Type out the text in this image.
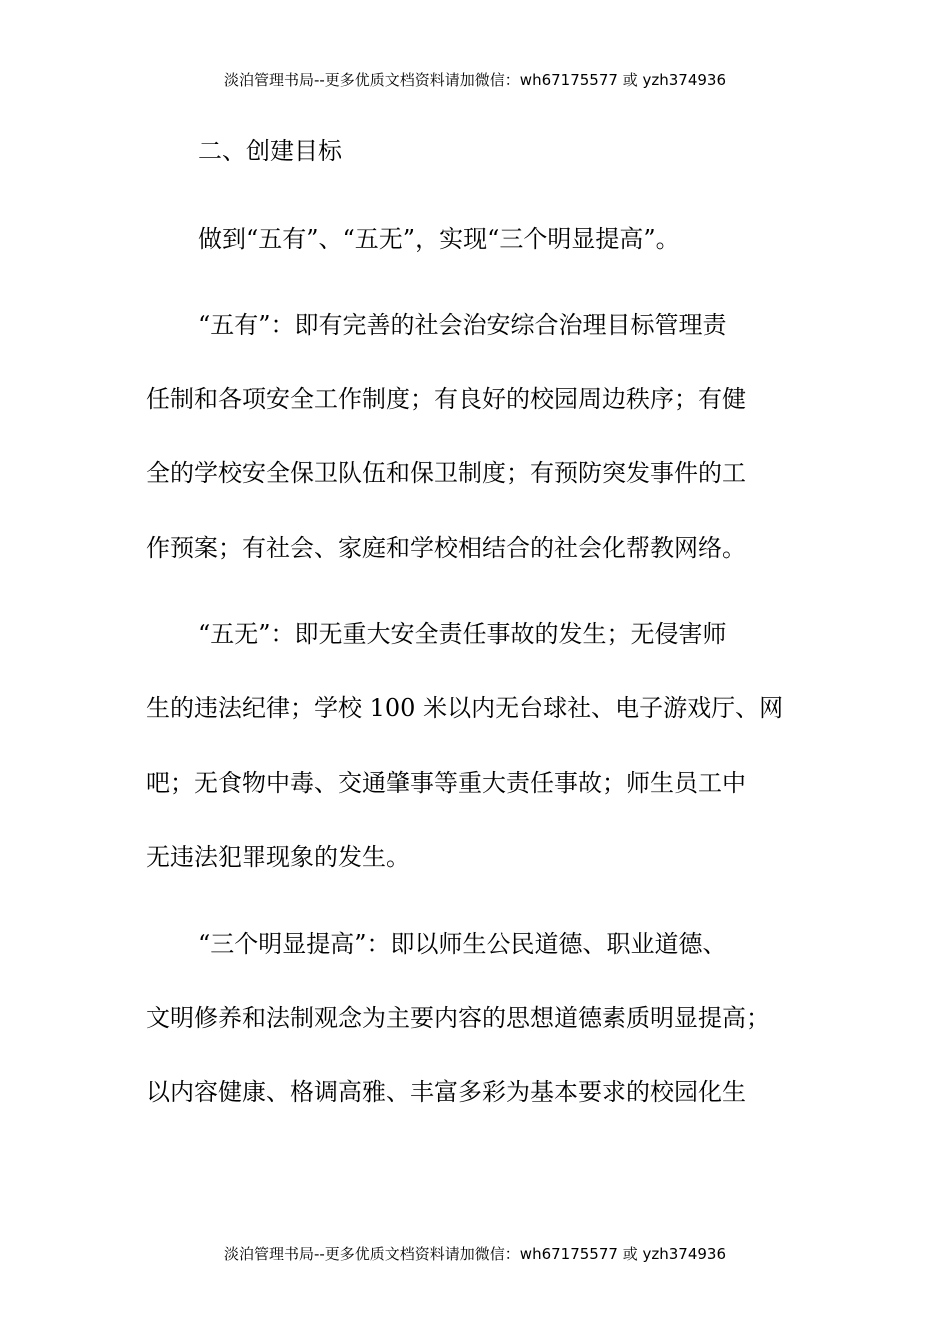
淡泊管理书局--更多优质文档资料请加微信：wh67175577 或 yzh374936
二、创建目标
做到“五有”、“五无”，实现“三个明显提高”。
“五有”：即有完善的社会治安综合治理目标管理责
任制和各项安全工作制度；有良好的校园周边秩序；有健
全的学校安全保卫队伍和保卫制度；有预防突发事件的工
作预案；有社会、家庭和学校相结合的社会化帮教网络。
“五无”：即无重大安全责任事故的发生；无侵害师
生的违法纪律；学校 100 米以内无台球社、电子游戏厅、网
吧；无食物中毒、交通肇事等重大责任事故；师生员工中
无违法犯罪现象的发生。
“三个明显提高”：即以师生公民道德、职业道德、
文明修养和法制观念为主要内容的思想道德素质明显提高；
以内容健康、格调高雅、丰富多彩为基本要求的校园化生
淡泊管理书局--更多优质文档资料请加微信：wh67175577 或 yzh374936
